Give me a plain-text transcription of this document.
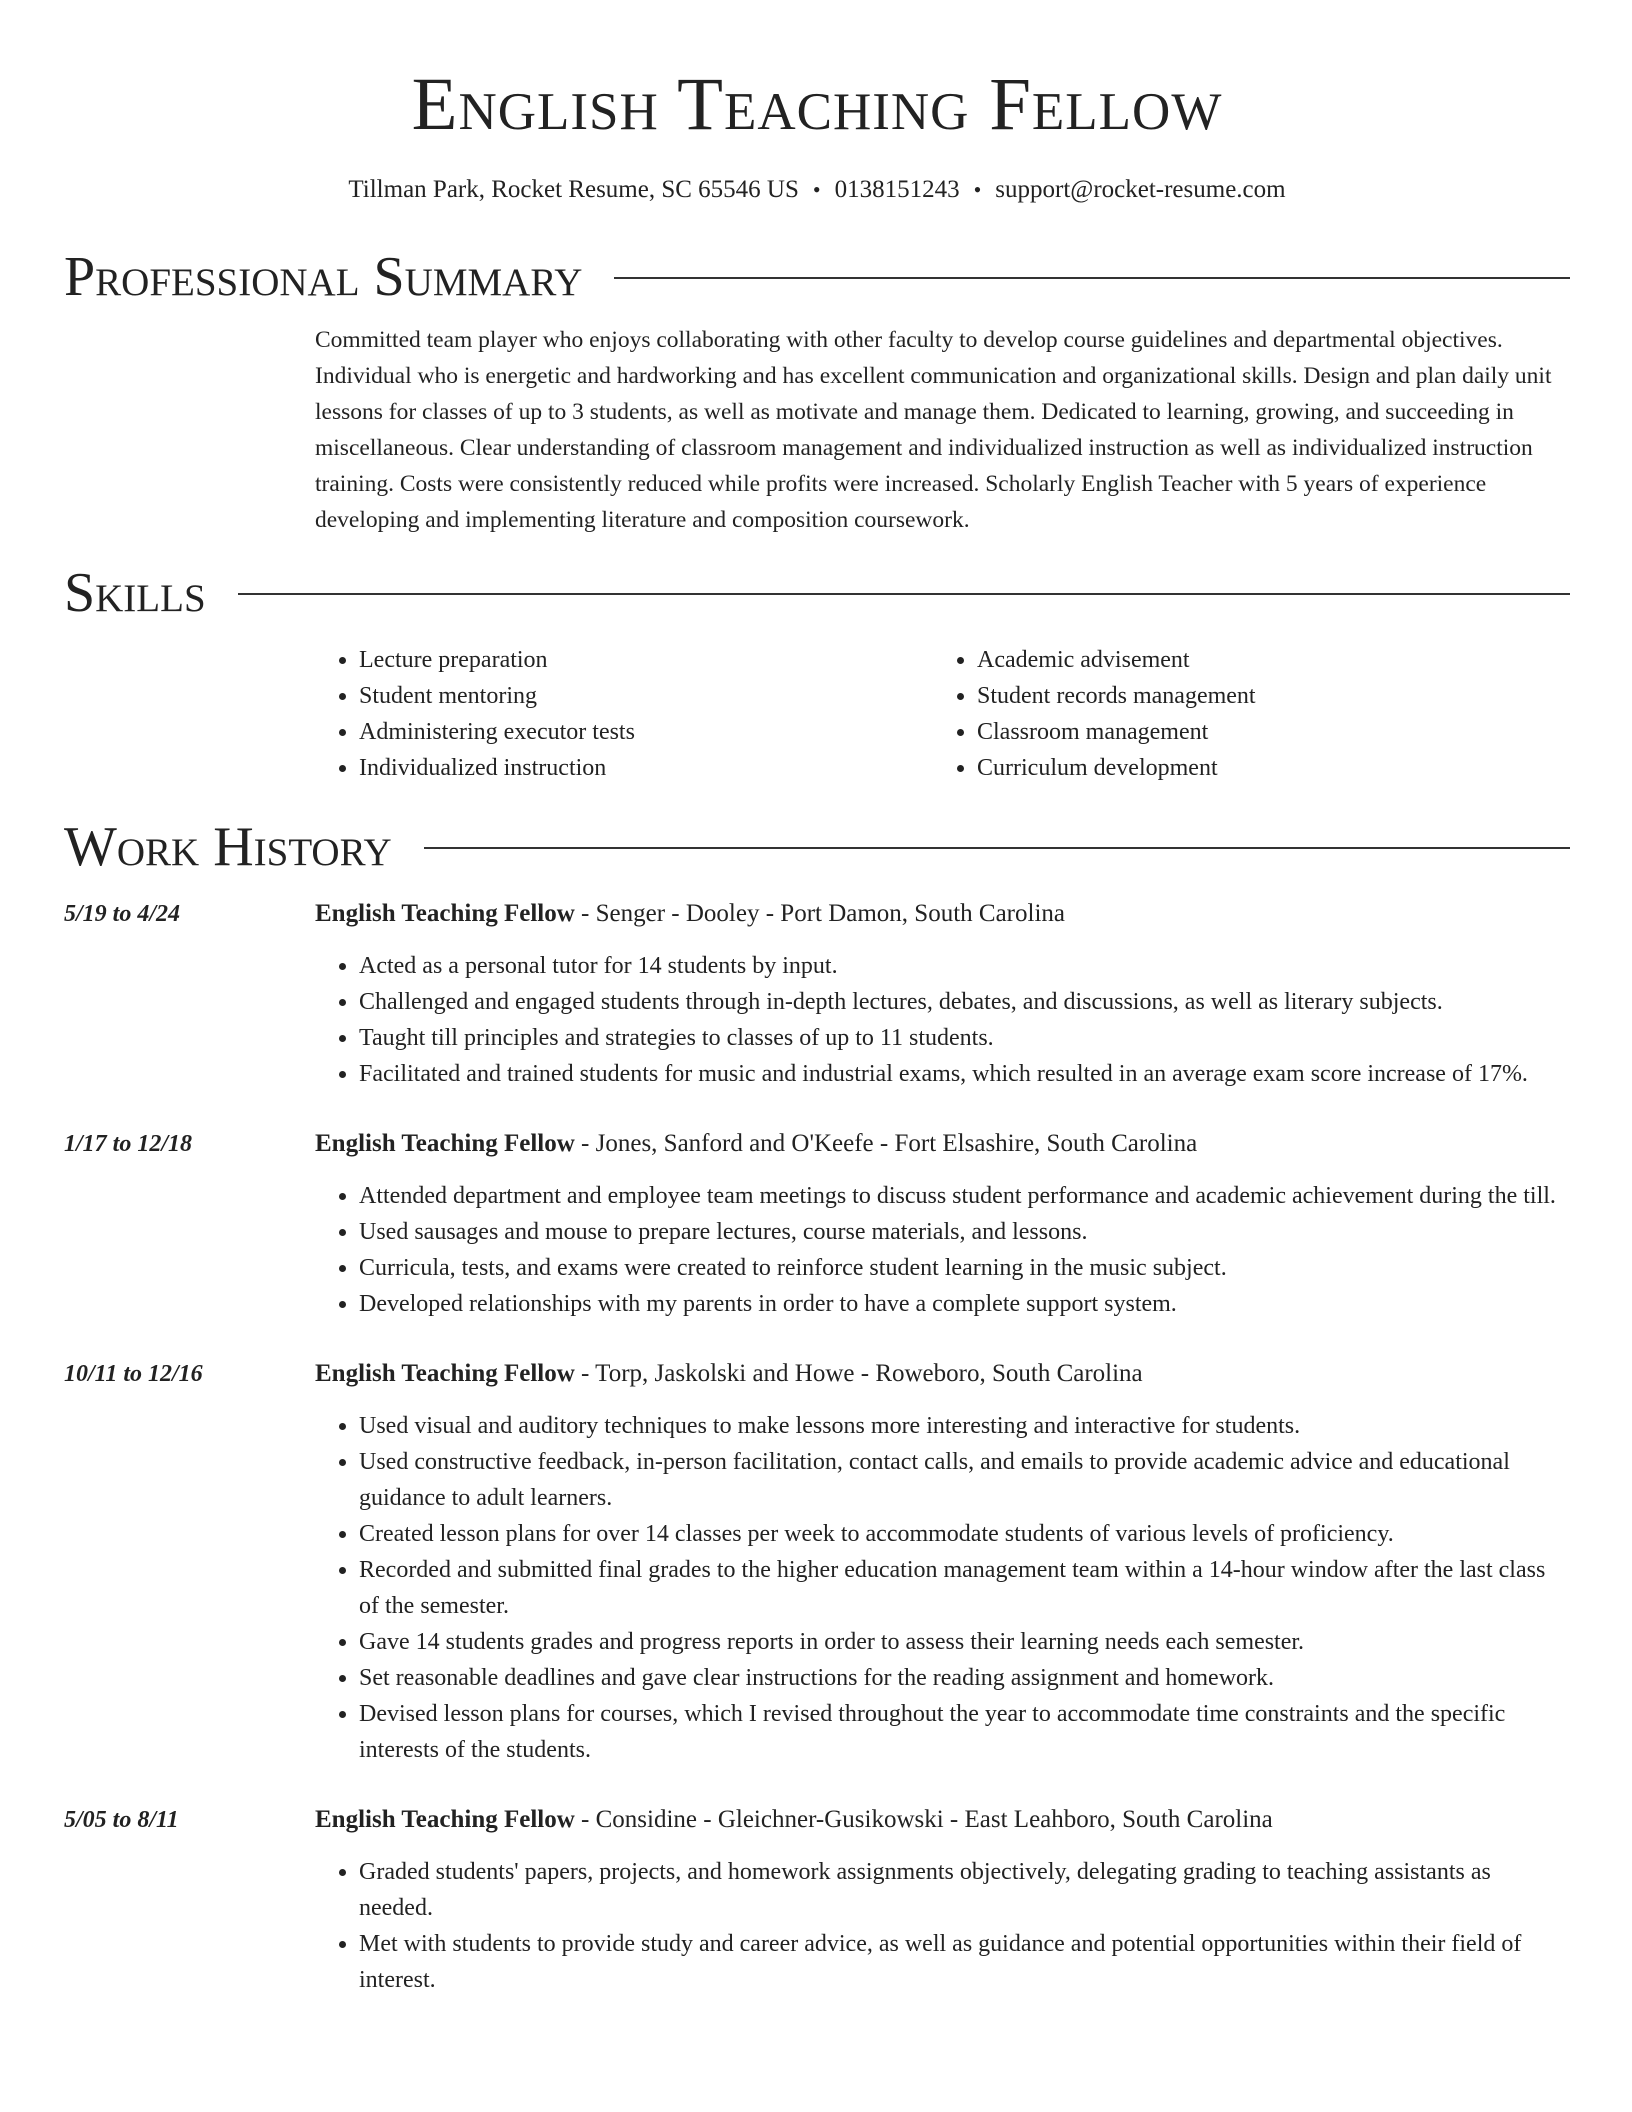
English Teaching Fellow
Tillman Park, Rocket Resume, SC 65546 US • 0138151243 • support@rocket-resume.com
Professional Summary

Committed team player who enjoys collaborating with other faculty to develop course guidelines and departmental objectives. Individual who is energetic and hardworking and has excellent communication and organizational skills. Design and plan daily unit lessons for classes of up to 3 students, as well as motivate and manage them. Dedicated to learning, growing, and succeeding in miscellaneous. Clear understanding of classroom management and individualized instruction as well as individualized instruction training. Costs were consistently reduced while profits were increased. Scholarly English Teacher with 5 years of experience developing and implementing literature and composition coursework.

Skills
• Lecture preparation
• Student mentoring
• Administering executor tests
• Individualized instruction
• Academic advisement
• Student records management
• Classroom management
• Curriculum development
Work History
5/19 to 4/24	English Teaching Fellow - Senger - Dooley - Port Damon, South Carolina
• Acted as a personal tutor for 14 students by input.
• Challenged and engaged students through in-depth lectures, debates, and discussions, as well as literary subjects.
• Taught till principles and strategies to classes of up to 11 students.
• Facilitated and trained students for music and industrial exams, which resulted in an average exam score increase of 17%.
1/17 to 12/18	English Teaching Fellow - Jones, Sanford and O'Keefe - Fort Elsashire, South Carolina
• Attended department and employee team meetings to discuss student performance and academic achievement during the till.
• Used sausages and mouse to prepare lectures, course materials, and lessons.
• Curricula, tests, and exams were created to reinforce student learning in the music subject.
• Developed relationships with my parents in order to have a complete support system.
10/11 to 12/16	English Teaching Fellow - Torp, Jaskolski and Howe - Roweboro, South Carolina
• Used visual and auditory techniques to make lessons more interesting and interactive for students.
• Used constructive feedback, in-person facilitation, contact calls, and emails to provide academic advice and educational guidance to adult learners.
• Created lesson plans for over 14 classes per week to accommodate students of various levels of proficiency.
• Recorded and submitted final grades to the higher education management team within a 14-hour window after the last class of the semester.
• Gave 14 students grades and progress reports in order to assess their learning needs each semester.
• Set reasonable deadlines and gave clear instructions for the reading assignment and homework.
• Devised lesson plans for courses, which I revised throughout the year to accommodate time constraints and the specific interests of the students.
5/05 to 8/11	English Teaching Fellow - Considine - Gleichner-Gusikowski - East Leahboro, South Carolina
• Graded students' papers, projects, and homework assignments objectively, delegating grading to teaching assistants as needed.
• Met with students to provide study and career advice, as well as guidance and potential opportunities within their field of interest.
